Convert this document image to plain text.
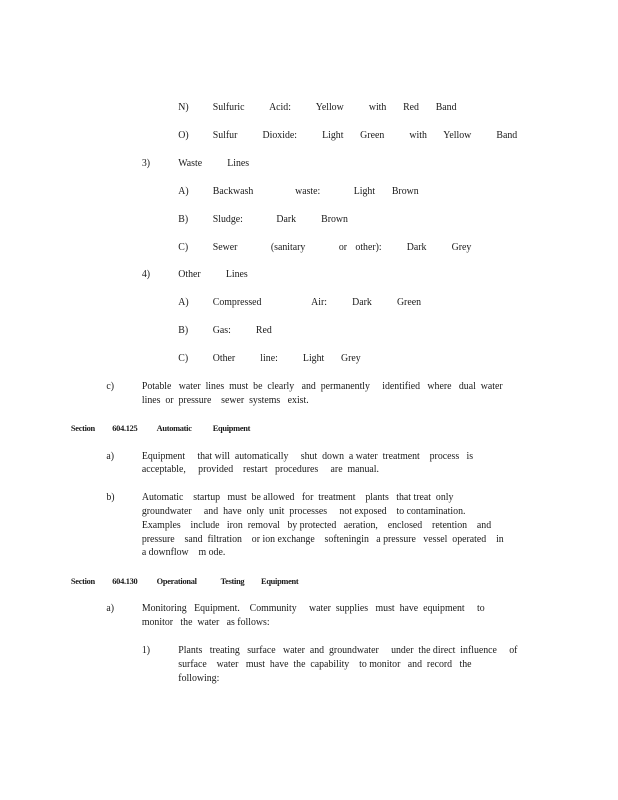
N) Sulfuric   Acid:   Yellow   with  Red  Band
O) Sulfur   Dioxide:   Light  Green   with  Yellow   Band
3)	Waste   Lines
A) Backwash     waste:    Light  Brown
B) Sludge:    Dark   Brown
C) Sewer    (sanitary    or other):   Dark   Grey
4)	Other   Lines
A) Compressed      Air:   Dark   Green
B) Gas:   Red
C) Other   line:   Light  Grey
c)	Potable   water  lines  must  be  clearly   and  permanently     identified   where   dual  water
lines  or  pressure    sewer  systems   exist.
Section 604.125 Automatic Equipment
a)	Equipment     that will  automatically     shut  down  a water  treatment    process   is
acceptable,     provided    restart   procedures     are  manual.
b)	Automatic    startup   must  be allowed   for  treatment    plants   that treat  only
groundwater     and  have  only  unit  processes     not exposed    to contamination.
Examples    include   iron  removal   by protected   aeration,    enclosed    retention    and
pressure    sand  filtration    or ion exchange    softeningin   a pressure   vessel  operated    in
a downflow    m ode.
Section 604.130 Operational	Testing Equipment
a)	Monitoring   Equipment.    Community     water  supplies   must  have  equipment     to
monitor   the  water   as follows:
1)	Plants   treating   surface   water  and  groundwater     under  the direct  influence     of
surface    water   must  have  the  capability    to monitor   and  record   the
following:
